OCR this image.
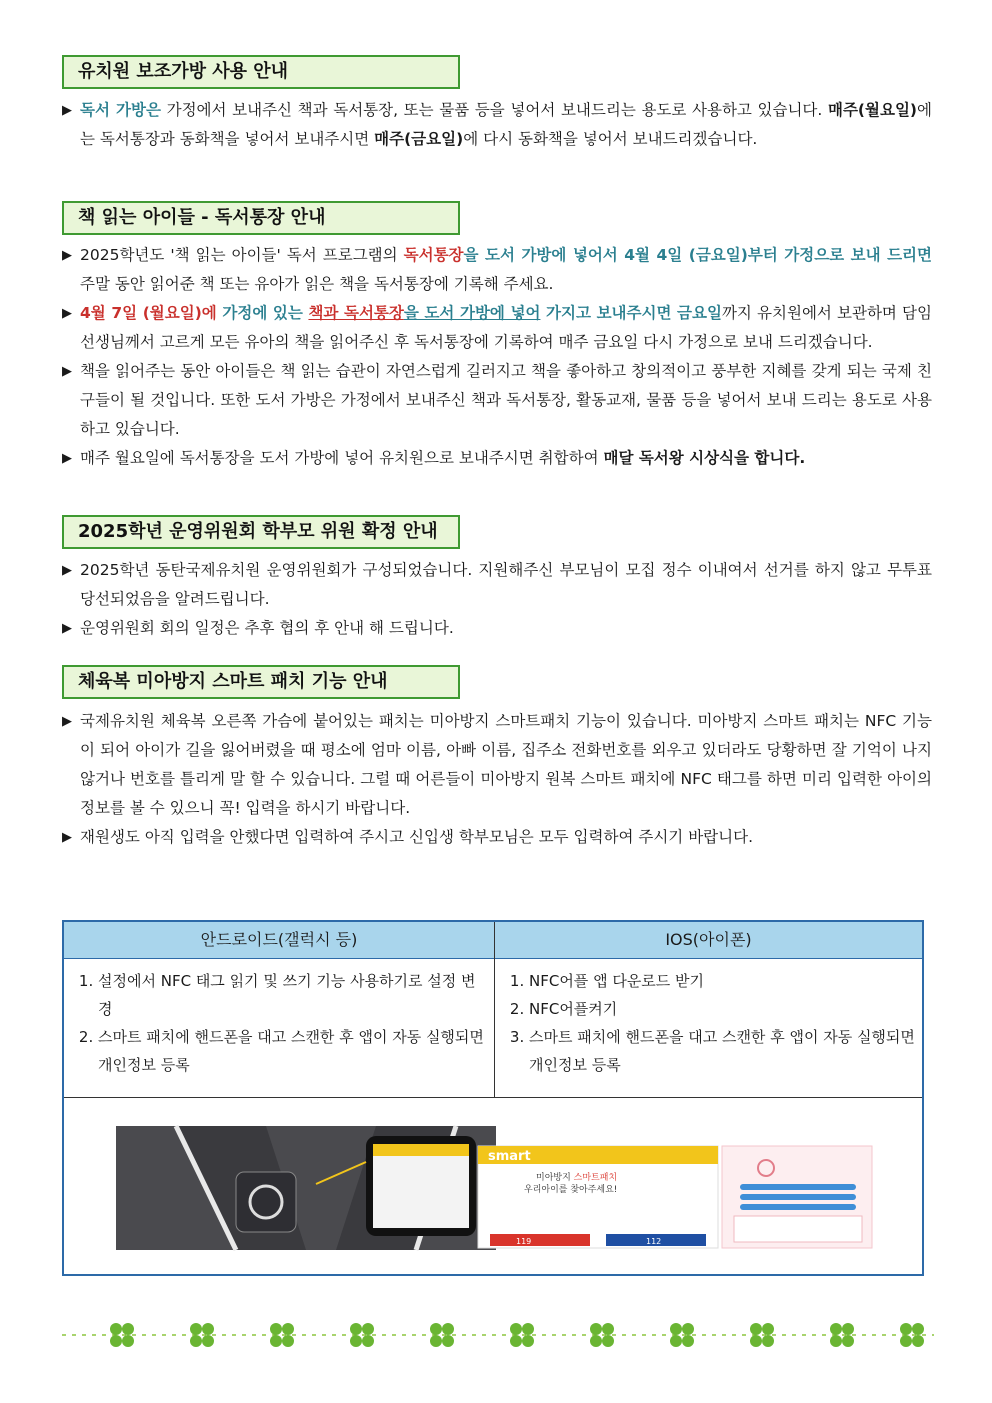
유치원 보조가방 사용 안내

▶ 독서 가방은 가정에서 보내주신 책과 독서통장, 또는 물품 등을 넣어서 보내드리는 용도로 사용하고 있습니다. 매주(월요일)에는 독서통장과 동화책을 넣어서 보내주시면 매주(금요일)에 다시 동화책을 넣어서 보내드리겠습니다.

책 읽는 아이들 - 독서통장 안내

▶ 2025학년도 '책 읽는 아이들' 독서 프로그램의 독서통장을 도서 가방에 넣어서 4월 4일 (금요일)부터 가정으로 보내 드리면 주말 동안 읽어준 책 또는 유아가 읽은 책을 독서통장에 기록해 주세요.

▶ 4월 7일 (월요일)에 가정에 있는 책과 독서통장을 도서 가방에 넣어 가지고 보내주시면 금요일까지 유치원에서 보관하며 담임선생님께서 고르게 모든 유아의 책을 읽어주신 후 독서통장에 기록하여 매주 금요일 다시 가정으로 보내 드리겠습니다.

▶ 책을 읽어주는 동안 아이들은 책 읽는 습관이 자연스럽게 길러지고 책을 좋아하고 창의적이고 풍부한 지혜를 갖게 되는 국제 친구들이 될 것입니다. 또한 도서 가방은 가정에서 보내주신 책과 독서통장, 활동교재, 물품 등을 넣어서 보내 드리는 용도로 사용하고 있습니다.

▶ 매주 월요일에 독서통장을 도서 가방에 넣어 유치원으로 보내주시면 취합하여 매달 독서왕 시상식을 합니다.

2025학년 운영위원회 학부모 위원 확정 안내

▶ 2025학년 동탄국제유치원 운영위원회가 구성되었습니다. 지원해주신 부모님이 모집 정수 이내여서 선거를 하지 않고 무투표 당선되었음을 알려드립니다.

▶ 운영위원회 회의 일정은 추후 협의 후 안내 해 드립니다.

체육복 미아방지 스마트 패치 기능 안내

▶ 국제유치원 체육복 오른쪽 가슴에 붙어있는 패치는 미아방지 스마트패치 기능이 있습니다. 미아방지 스마트 패치는 NFC 기능이 되어 아이가 길을 잃어버렸을 때 평소에 엄마 이름, 아빠 이름, 집주소 전화번호를 외우고 있더라도 당황하면 잘 기억이 나지 않거나 번호를 틀리게 말 할 수 있습니다. 그럴 때 어른들이 미아방지 원복 스마트 패치에 NFC 태그를 하면 미리 입력한 아이의 정보를 볼 수 있으니 꼭! 입력을 하시기 바랍니다.

▶ 재원생도 아직 입력을 안했다면 입력하여 주시고 신입생 학부모님은 모두 입력하여 주시기 바랍니다.

안드로이드(갤럭시 등)	IOS(아이폰)
1. 설정에서 NFC 태그 읽기 및 쓰기 기능 사용하기로 설정 변경
2. 스마트 패치에 핸드폰을 대고 스캔한 후 앱이 자동 실행되면 개인정보 등록
1. NFC어플 앱 다운로드 받기
2. NFC어플켜기
3. 스마트 패치에 핸드폰을 대고 스캔한 후 앱이 자동 실행되면 개인정보 등록
smart
미아방지 스마트패치
우리아이를 찾아주세요!
119	112
